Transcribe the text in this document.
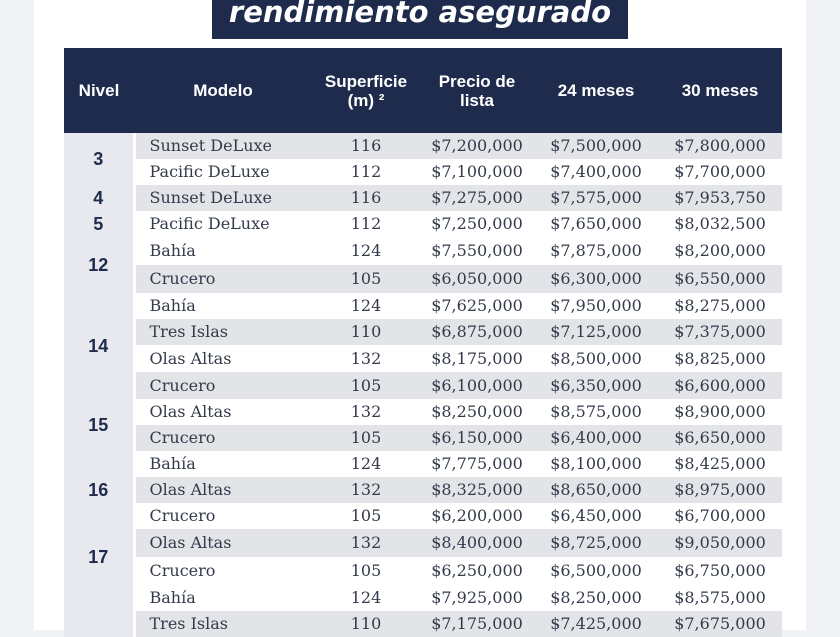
rendimiento asegurado
Nivel	Modelo	Superficie
(m) ²	Precio de lista	24 meses	30 meses
3	Sunset DeLuxe	116	$7,200,000	$7,500,000	$7,800,000
	Pacific DeLuxe	112	$7,100,000	$7,400,000	$7,700,000
4	Sunset DeLuxe	116	$7,275,000	$7,575,000	$7,953,750
5	Pacific DeLuxe	112	$7,250,000	$7,650,000	$8,032,500
12	Bahía	124	$7,550,000	$7,875,000	$8,200,000
	Crucero	105	$6,050,000	$6,300,000	$6,550,000
14	Bahía	124	$7,625,000	$7,950,000	$8,275,000
	Tres Islas	110	$6,875,000	$7,125,000	$7,375,000
	Olas Altas	132	$8,175,000	$8,500,000	$8,825,000
	Crucero	105	$6,100,000	$6,350,000	$6,600,000
15	Olas Altas	132	$8,250,000	$8,575,000	$8,900,000
	Crucero	105	$6,150,000	$6,400,000	$6,650,000
16	Bahía	124	$7,775,000	$8,100,000	$8,425,000
	Olas Altas	132	$8,325,000	$8,650,000	$8,975,000
	Crucero	105	$6,200,000	$6,450,000	$6,700,000
17	Olas Altas	132	$8,400,000	$8,725,000	$9,050,000
	Crucero	105	$6,250,000	$6,500,000	$6,750,000
	Bahía	124	$7,925,000	$8,250,000	$8,575,000
	Tres Islas	110	$7,175,000	$7,425,000	$7,675,000
